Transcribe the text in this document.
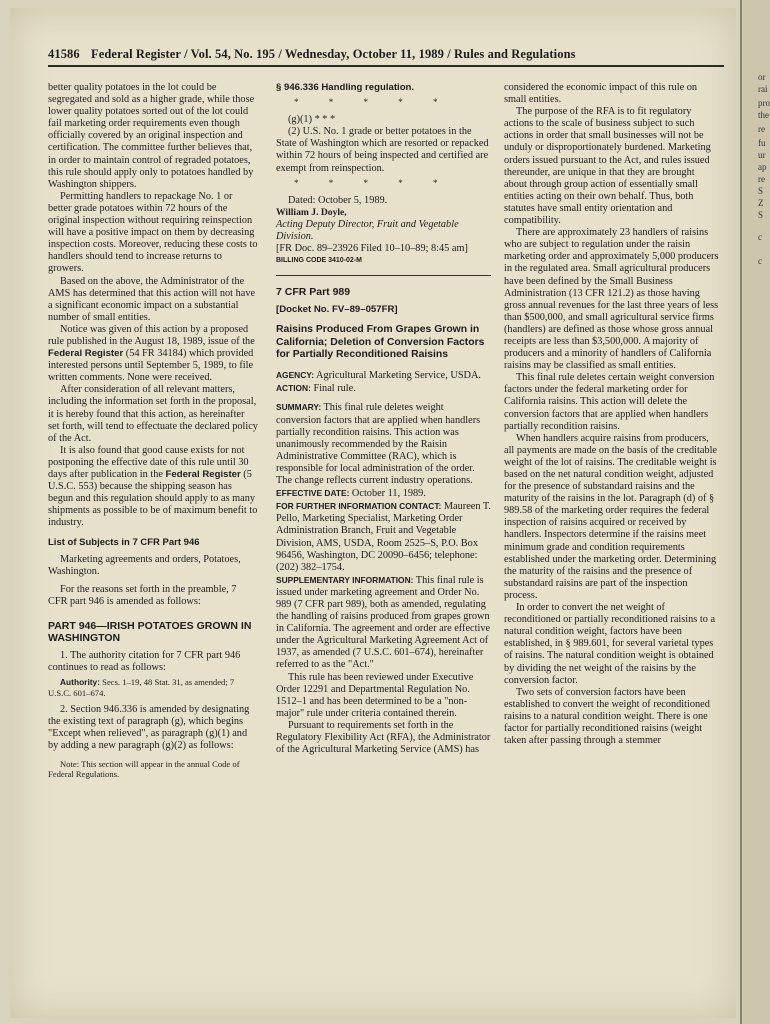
or
rai
pro
the
re
fu
ur
ap
re
S
Z
S
c
c
41586 Federal Register / Vol. 54, No. 195 / Wednesday, October 11, 1989 / Rules and Regulations

better quality potatoes in the lot could be segregated and sold as a higher grade, while those lower quality potatoes sorted out of the lot could fail marketing order requirements even though officially covered by an original inspection and certification. The committee further believes that, in order to maintain control of regraded potatoes, this rule should apply only to potatoes handled by Washington shippers.

Permitting handlers to repackage No. 1 or better grade potatoes within 72 hours of the original inspection without requiring reinspection will have a positive impact on them by decreasing inspection costs. Moreover, reducing these costs to handlers should tend to increase returns to growers.

Based on the above, the Administrator of the AMS has determined that this action will not have a significant economic impact on a substantial number of small entities.

Notice was given of this action by a proposed rule published in the August 18, 1989, issue of the Federal Register (54 FR 34184) which provided interested persons until September 5, 1989, to file written comments. None were received.

After consideration of all relevant matters, including the information set forth in the proposal, it is hereby found that this action, as hereinafter set forth, will tend to effectuate the declared policy of the Act.

It is also found that good cause exists for not postponing the effective date of this rule until 30 days after publication in the Federal Register (5 U.S.C. 553) because the shipping season has begun and this regulation should apply to as many shipments as possible to be of maximum benefit to industry.

List of Subjects in 7 CFR Part 946

Marketing agreements and orders, Potatoes, Washington.

For the reasons set forth in the preamble, 7 CFR part 946 is amended as follows:

PART 946—IRISH POTATOES GROWN IN WASHINGTON

1. The authority citation for 7 CFR part 946 continues to read as follows:

Authority: Secs. 1–19, 48 Stat. 31, as amended; 7 U.S.C. 601–674.

2. Section 946.336 is amended by designating the existing text of paragraph (g), which begins "Except when relieved", as paragraph (g)(1) and by adding a new paragraph (g)(2) as follows:

Note: This section will appear in the annual Code of Federal Regulations.

§ 946.336 Handling regulation.
* * * * *

(g)(1) * * *

(2) U.S. No. 1 grade or better potatoes in the State of Washington which are resorted or repacked within 72 hours of being inspected and certified are exempt from reinspection.

* * * * *

Dated: October 5, 1989.

William J. Doyle,

Acting Deputy Director, Fruit and Vegetable Division.

[FR Doc. 89–23926 Filed 10–10–89; 8:45 am]

BILLING CODE 3410-02-M

7 CFR Part 989
[Docket No. FV–89–057FR]
Raisins Produced From Grapes Grown in California; Deletion of Conversion Factors for Partially Reconditioned Raisins

AGENCY: Agricultural Marketing Service, USDA.

ACTION: Final rule.

SUMMARY: This final rule deletes weight conversion factors that are applied when handlers partially recondition raisins. This action was unanimously recommended by the Raisin Administrative Committee (RAC), which is responsible for local administration of the order. The change reflects current industry operations.

EFFECTIVE DATE: October 11, 1989.

FOR FURTHER INFORMATION CONTACT: Maureen T. Pello, Marketing Specialist, Marketing Order Administration Branch, Fruit and Vegetable Division, AMS, USDA, Room 2525–S, P.O. Box 96456, Washington, DC 20090–6456; telephone: (202) 382–1754.

SUPPLEMENTARY INFORMATION: This final rule is issued under marketing agreement and Order No. 989 (7 CFR part 989), both as amended, regulating the handling of raisins produced from grapes grown in California. The agreement and order are effective under the Agricultural Marketing Agreement Act of 1937, as amended (7 U.S.C. 601–674), hereinafter referred to as the "Act."

This rule has been reviewed under Executive Order 12291 and Departmental Regulation No. 1512–1 and has been determined to be a "non-major" rule under criteria contained therein.

Pursuant to requirements set forth in the Regulatory Flexibility Act (RFA), the Administrator of the Agricultural Marketing Service (AMS) has

considered the economic impact of this rule on small entities.

The purpose of the RFA is to fit regulatory actions to the scale of business subject to such actions in order that small businesses will not be unduly or disproportionately burdened. Marketing orders issued pursuant to the Act, and rules issued thereunder, are unique in that they are brought about through group action of essentially small entities acting on their own behalf. Thus, both statutes have small entity orientation and compatibility.

There are approximately 23 handlers of raisins who are subject to regulation under the raisin marketing order and approximately 5,000 producers in the regulated area. Small agricultural producers have been defined by the Small Business Administration (13 CFR 121.2) as those having gross annual revenues for the last three years of less than $500,000, and small agricultural service firms (handlers) are defined as those whose gross annual receipts are less than $3,500,000. A majority of producers and a minority of handlers of California raisins may be classified as small entities.

This final rule deletes certain weight conversion factors under the federal marketing order for California raisins. This action will delete the conversion factors that are applied when handlers partially recondition raisins.

When handlers acquire raisins from producers, all payments are made on the basis of the creditable weight of the lot of raisins. The creditable weight is based on the net natural condition weight, adjusted for the presence of substandard raisins and the maturity of the raisins in the lot. Paragraph (d) of § 989.58 of the marketing order requires the federal inspection of raisins acquired or received by handlers. Inspectors determine if the raisins meet minimum grade and condition requirements established under the marketing order. Determining the maturity of the raisins and the presence of substandard raisins are part of the inspection process.

In order to convert the net weight of reconditioned or partially reconditioned raisins to a natural condition weight, factors have been established, in § 989.601, for several varietal types of raisins. The natural condition weight is obtained by dividing the net weight of the raisins by the conversion factor.

Two sets of conversion factors have been established to convert the weight of reconditioned raisins to a natural condition weight. There is one factor for partially reconditioned raisins (weight taken after passing through a stemmer
